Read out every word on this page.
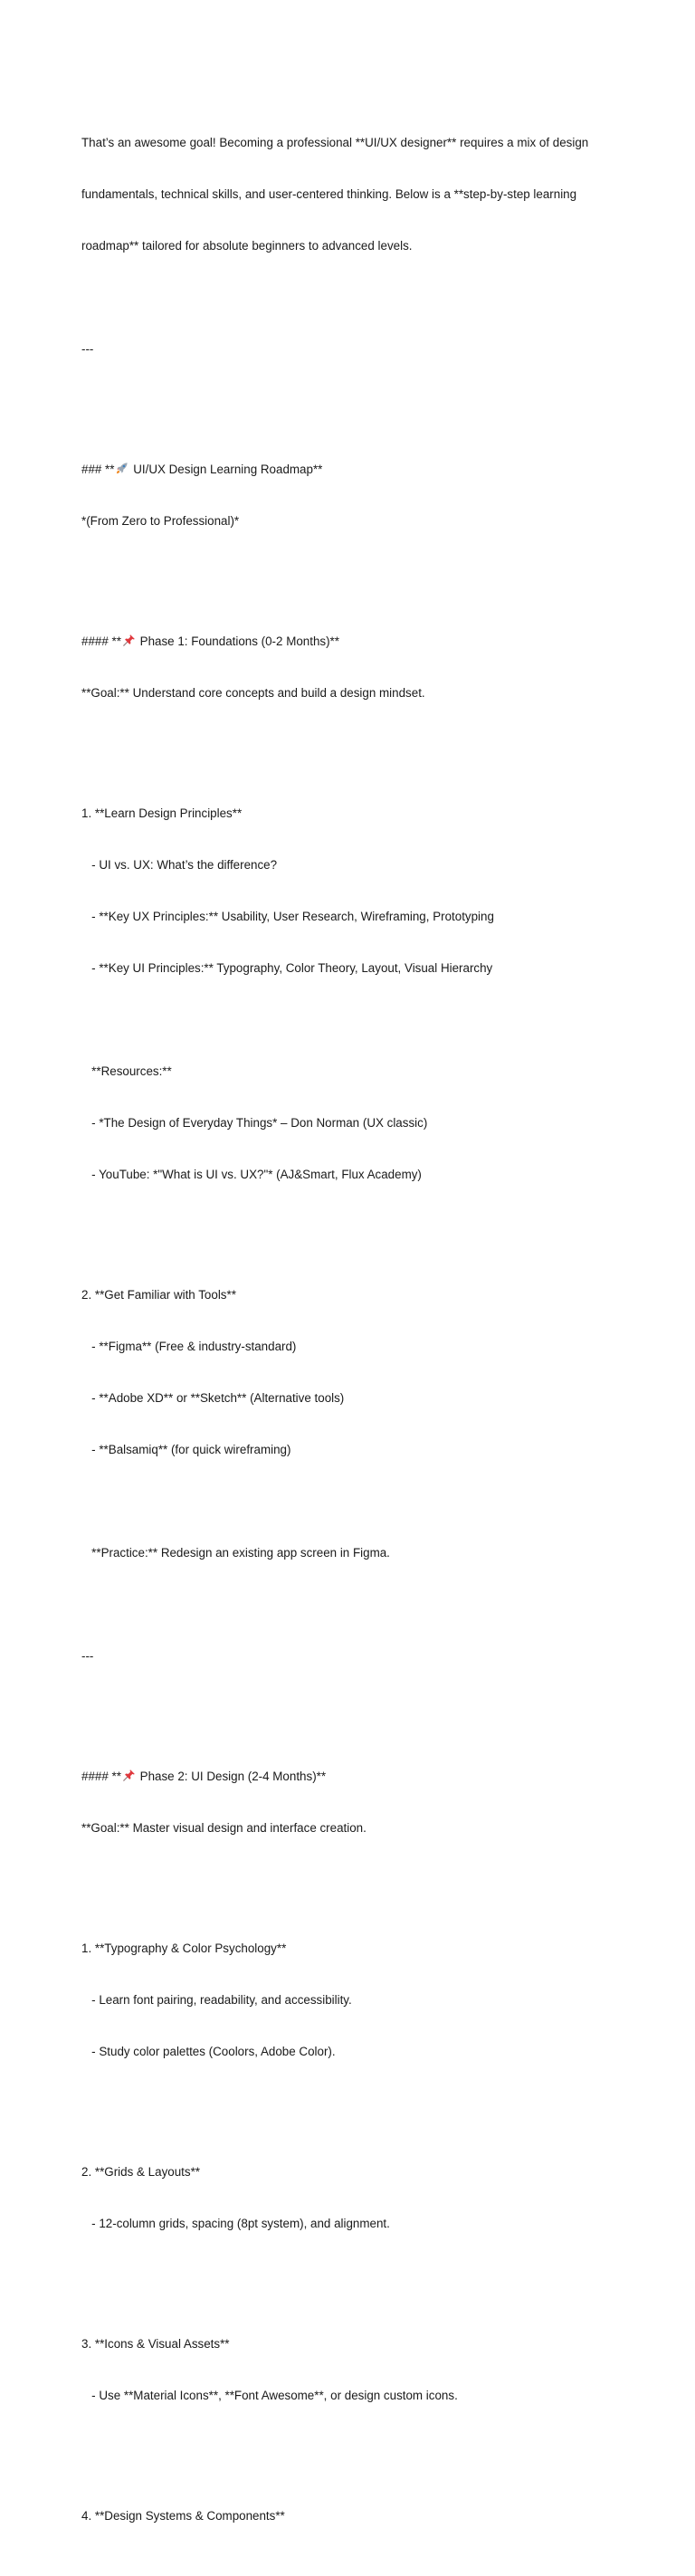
That’s an awesome goal! Becoming a professional **UI/UX designer** requires a mix of design

fundamentals, technical skills, and user-centered thinking. Below is a **step-by-step learning

roadmap** tailored for absolute beginners to advanced levels.

---

### **
UI/UX Design Learning Roadmap**

*(From Zero to Professional)*

#### **
Phase 1: Foundations (0-2 Months)**

**Goal:** Understand core concepts and build a design mindset.

1. **Learn Design Principles**

- UI vs. UX: What’s the difference?

- **Key UX Principles:** Usability, User Research, Wireframing, Prototyping

- **Key UI Principles:** Typography, Color Theory, Layout, Visual Hierarchy

**Resources:**

- *The Design of Everyday Things* – Don Norman (UX classic)

- YouTube: *"What is UI vs. UX?"* (AJ&Smart, Flux Academy)

2. **Get Familiar with Tools**

- **Figma** (Free & industry-standard)

- **Adobe XD** or **Sketch** (Alternative tools)

- **Balsamiq** (for quick wireframing)

**Practice:** Redesign an existing app screen in Figma.

---

#### **
Phase 2: UI Design (2-4 Months)**

**Goal:** Master visual design and interface creation.

1. **Typography & Color Psychology**

- Learn font pairing, readability, and accessibility.

- Study color palettes (Coolors, Adobe Color).

2. **Grids & Layouts**

- 12-column grids, spacing (8pt system), and alignment.

3. **Icons & Visual Assets**

- Use **Material Icons**, **Font Awesome**, or design custom icons.

4. **Design Systems & Components**
